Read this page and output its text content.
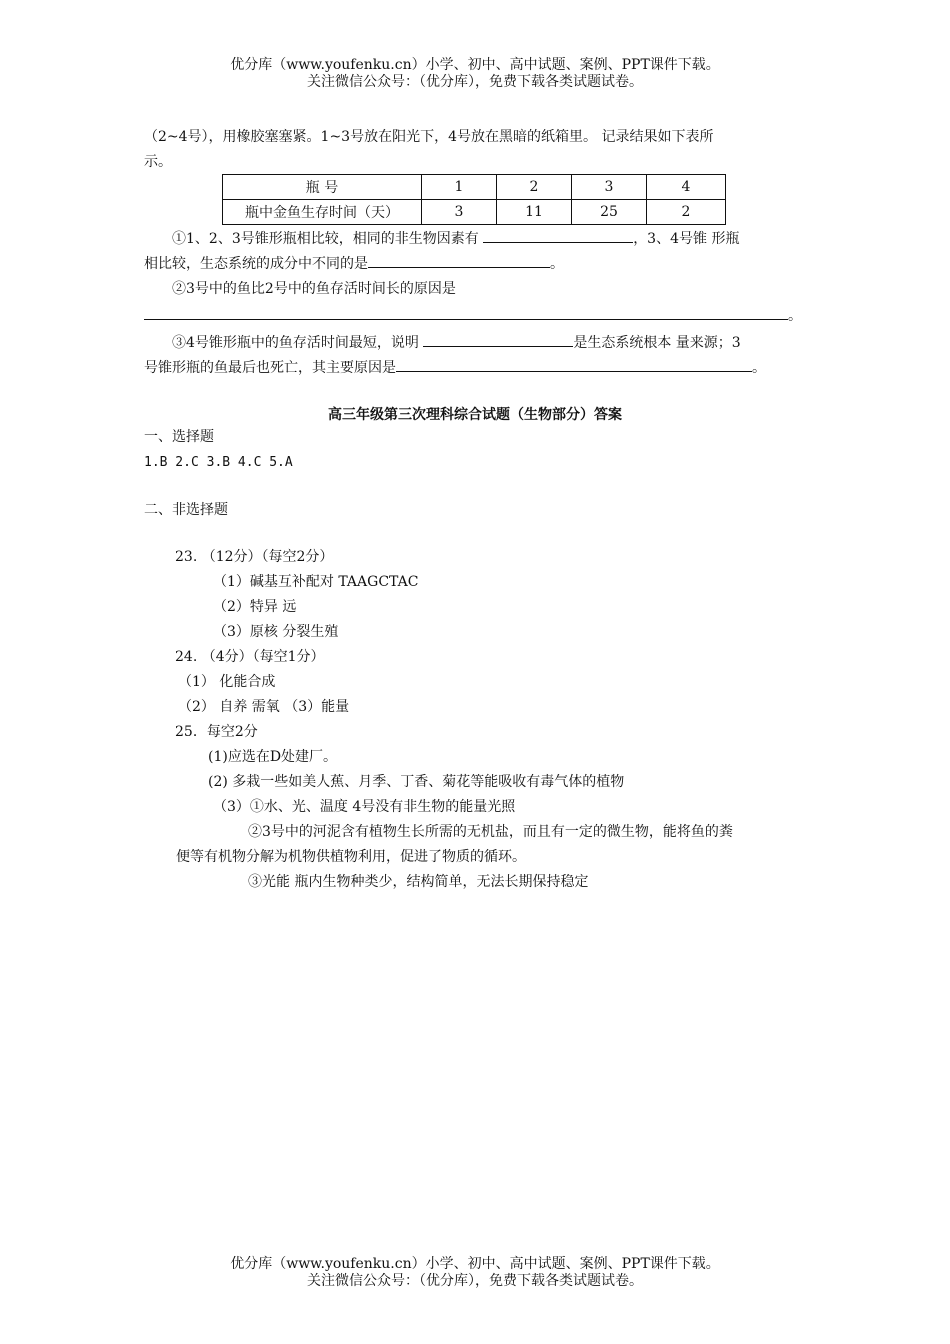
优分库（www.youfenku.cn）小学、初中、高中试题、案例、PPT课件下载。
关注微信公众号：（优分库），免费下载各类试题试卷。
（2~4号），用橡胶塞塞紧。1~3号放在阳光下，4号放在黑暗的纸箱里。 记录结果如下表所
示。
瓶 号	1	2	3	4
瓶中金鱼生存时间（天）	3	11	25	2
①1、2、3号锥形瓶相比较，相同的非生物因素有	，3、4号锥 形瓶
相比较，生态系统的成分中不同的是	。
②3号中的鱼比2号中的鱼存活时间长的原因是
。
③4号锥形瓶中的鱼存活时间最短，说明	是生态系统根本 量来源；3
号锥形瓶的鱼最后也死亡，其主要原因是	。
高三年级第三次理科综合试题（生物部分）答案
一、选择题
1.B 2.C 3.B 4.C 5.A
二、非选择题
23. （12分）（每空2分）
（1）碱基互补配对 TAAGCTAC
（2）特异 远
（3）原核 分裂生殖
24. （4分）（每空1分）
（1） 化能合成
（2） 自养 需氧 （3）能量
25．每空2分
(1)应选在D处建厂。
(2) 多栽一些如美人蕉、月季、丁香、菊花等能吸收有毒气体的植物
（3）①水、光、温度 4号没有非生物的能量光照
②3号中的河泥含有植物生长所需的无机盐，而且有一定的微生物，能将鱼的粪
便等有机物分解为机物供植物利用，促进了物质的循环。
③光能 瓶内生物种类少，结构简单，无法长期保持稳定
优分库（www.youfenku.cn）小学、初中、高中试题、案例、PPT课件下载。
关注微信公众号：（优分库），免费下载各类试题试卷。
